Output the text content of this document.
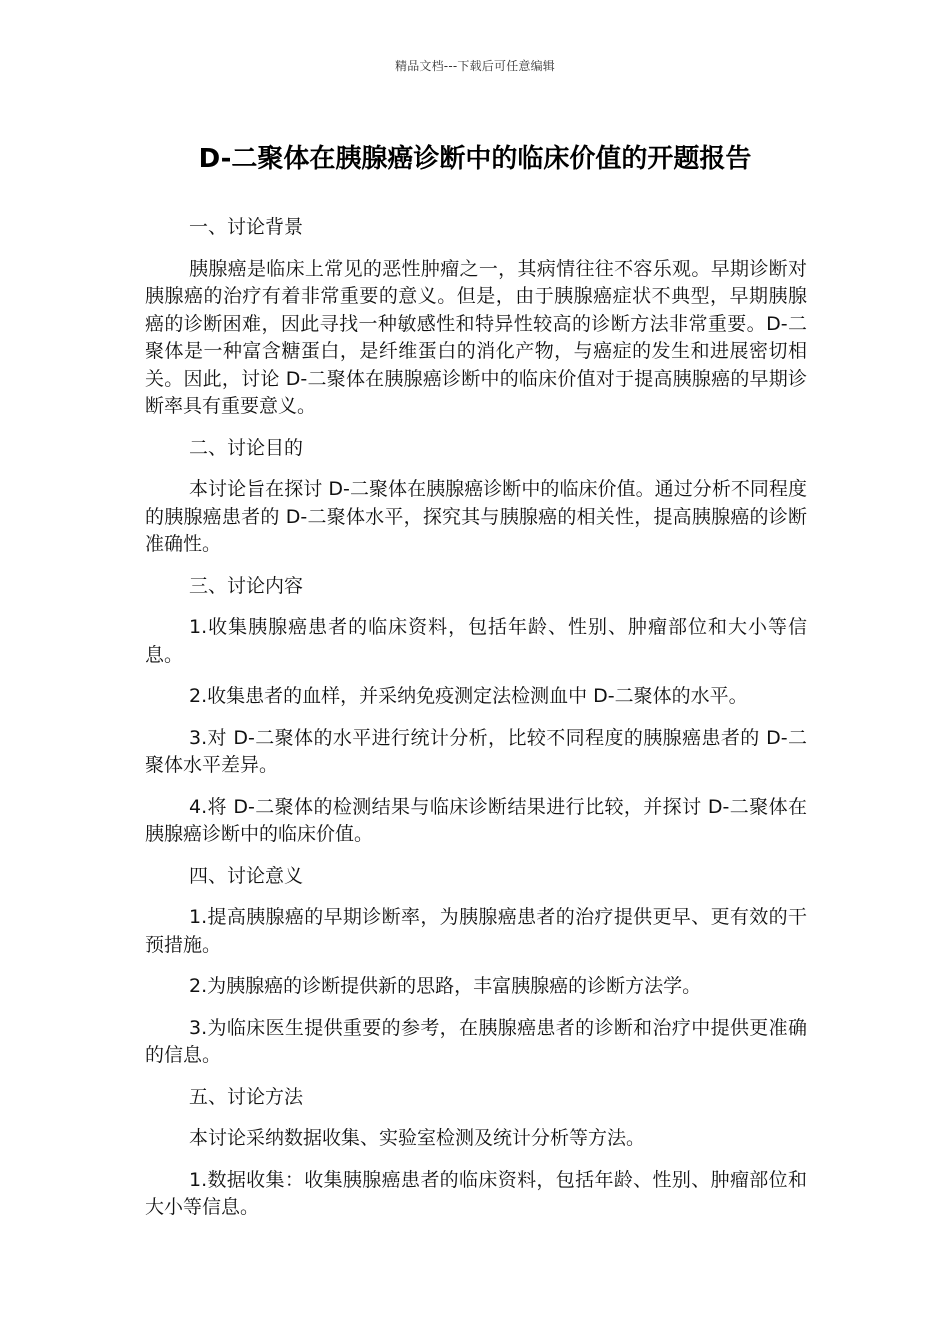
精品文档---下载后可任意编辑
D-二聚体在胰腺癌诊断中的临床价值的开题报告

一、讨论背景

胰腺癌是临床上常见的恶性肿瘤之一，其病情往往不容乐观。早期诊断对胰腺癌的治疗有着非常重要的意义。但是，由于胰腺癌症状不典型，早期胰腺癌的诊断困难，因此寻找一种敏感性和特异性较高的诊断方法非常重要。D-二聚体是一种富含糖蛋白，是纤维蛋白的消化产物，与癌症的发生和进展密切相关。因此，讨论 D-二聚体在胰腺癌诊断中的临床价值对于提高胰腺癌的早期诊断率具有重要意义。

二、讨论目的

本讨论旨在探讨 D-二聚体在胰腺癌诊断中的临床价值。通过分析不同程度的胰腺癌患者的 D-二聚体水平，探究其与胰腺癌的相关性，提高胰腺癌的诊断准确性。

三、讨论内容

1.收集胰腺癌患者的临床资料，包括年龄、性别、肿瘤部位和大小等信息。

2.收集患者的血样，并采纳免疫测定法检测血中 D-二聚体的水平。

3.对 D-二聚体的水平进行统计分析，比较不同程度的胰腺癌患者的 D-二聚体水平差异。

4.将 D-二聚体的检测结果与临床诊断结果进行比较，并探讨 D-二聚体在胰腺癌诊断中的临床价值。

四、讨论意义

1.提高胰腺癌的早期诊断率，为胰腺癌患者的治疗提供更早、更有效的干预措施。

2.为胰腺癌的诊断提供新的思路，丰富胰腺癌的诊断方法学。

3.为临床医生提供重要的参考，在胰腺癌患者的诊断和治疗中提供更准确的信息。

五、讨论方法

本讨论采纳数据收集、实验室检测及统计分析等方法。

1.数据收集：收集胰腺癌患者的临床资料，包括年龄、性别、肿瘤部位和大小等信息。
